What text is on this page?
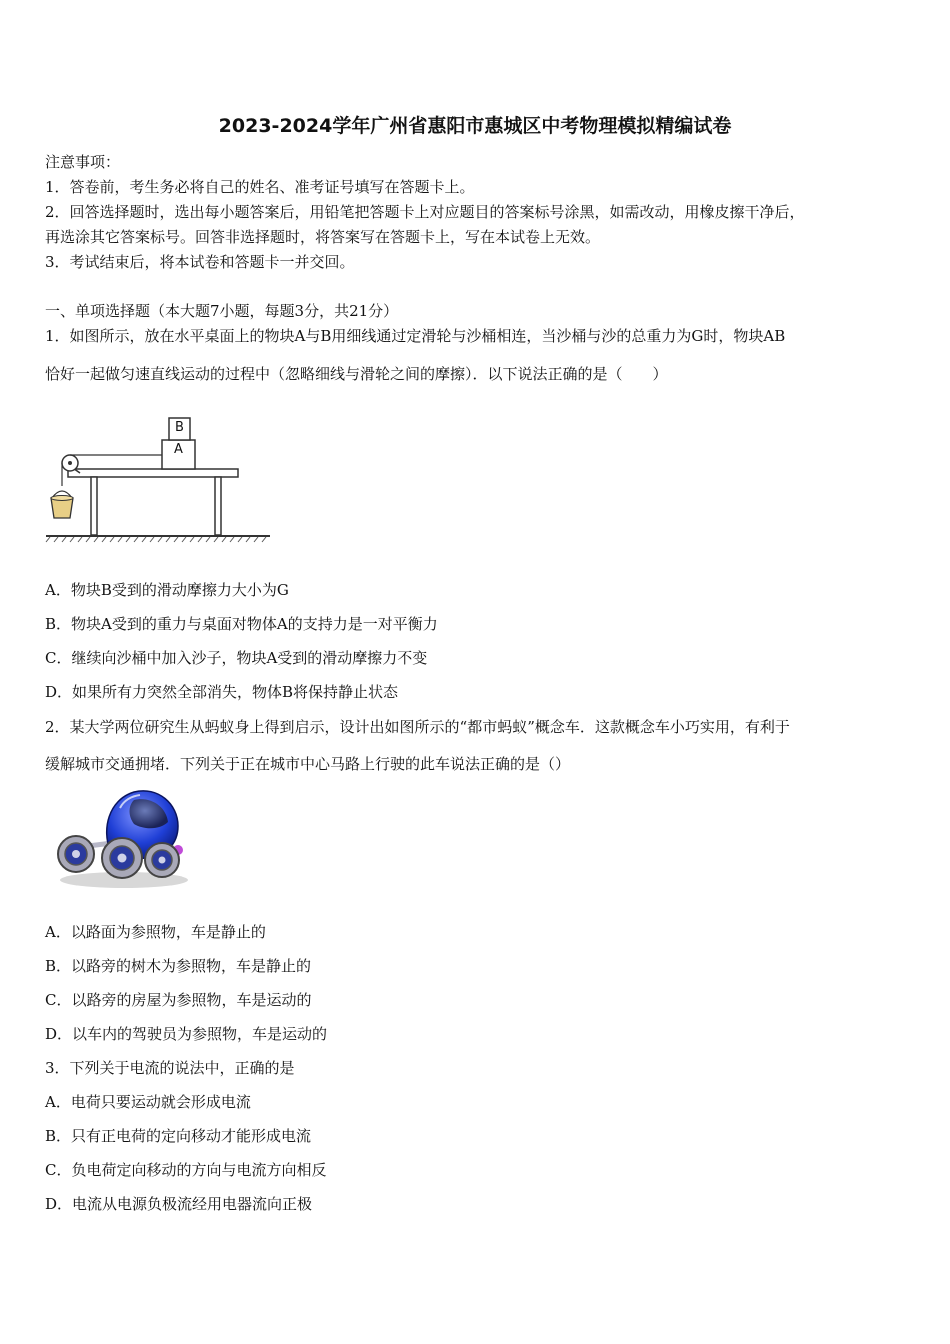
2023-2024学年广州省惠阳市惠城区中考物理模拟精编试卷
注意事项：
1．答卷前，考生务必将自己的姓名、准考证号填写在答题卡上。
2．回答选择题时，选出每小题答案后，用铅笔把答题卡上对应题目的答案标号涂黑，如需改动，用橡皮擦干净后，
再选涂其它答案标号。回答非选择题时，将答案写在答题卡上，写在本试卷上无效。
3．考试结束后，将本试卷和答题卡一并交回。
一、单项选择题（本大题7小题，每题3分，共21分）
1．如图所示，放在水平桌面上的物块A与B用细线通过定滑轮与沙桶相连，当沙桶与沙的总重力为G时，物块AB
恰好一起做匀速直线运动的过程中（忽略细线与滑轮之间的摩擦）．以下说法正确的是（　　）
A
B
A．物块B受到的滑动摩擦力大小为G
B．物块A受到的重力与桌面对物体A的支持力是一对平衡力
C．继续向沙桶中加入沙子，物块A受到的滑动摩擦力不变
D．如果所有力突然全部消失，物体B将保持静止状态
2．某大学两位研究生从蚂蚁身上得到启示，设计出如图所示的“都市蚂蚁”概念车．这款概念车小巧实用，有利于
缓解城市交通拥堵．下列关于正在城市中心马路上行驶的此车说法正确的是（）
A．以路面为参照物，车是静止的
B．以路旁的树木为参照物，车是静止的
C．以路旁的房屋为参照物，车是运动的
D．以车内的驾驶员为参照物，车是运动的
3．下列关于电流的说法中，正确的是
A．电荷只要运动就会形成电流
B．只有正电荷的定向移动才能形成电流
C．负电荷定向移动的方向与电流方向相反
D．电流从电源负极流经用电器流向正极
